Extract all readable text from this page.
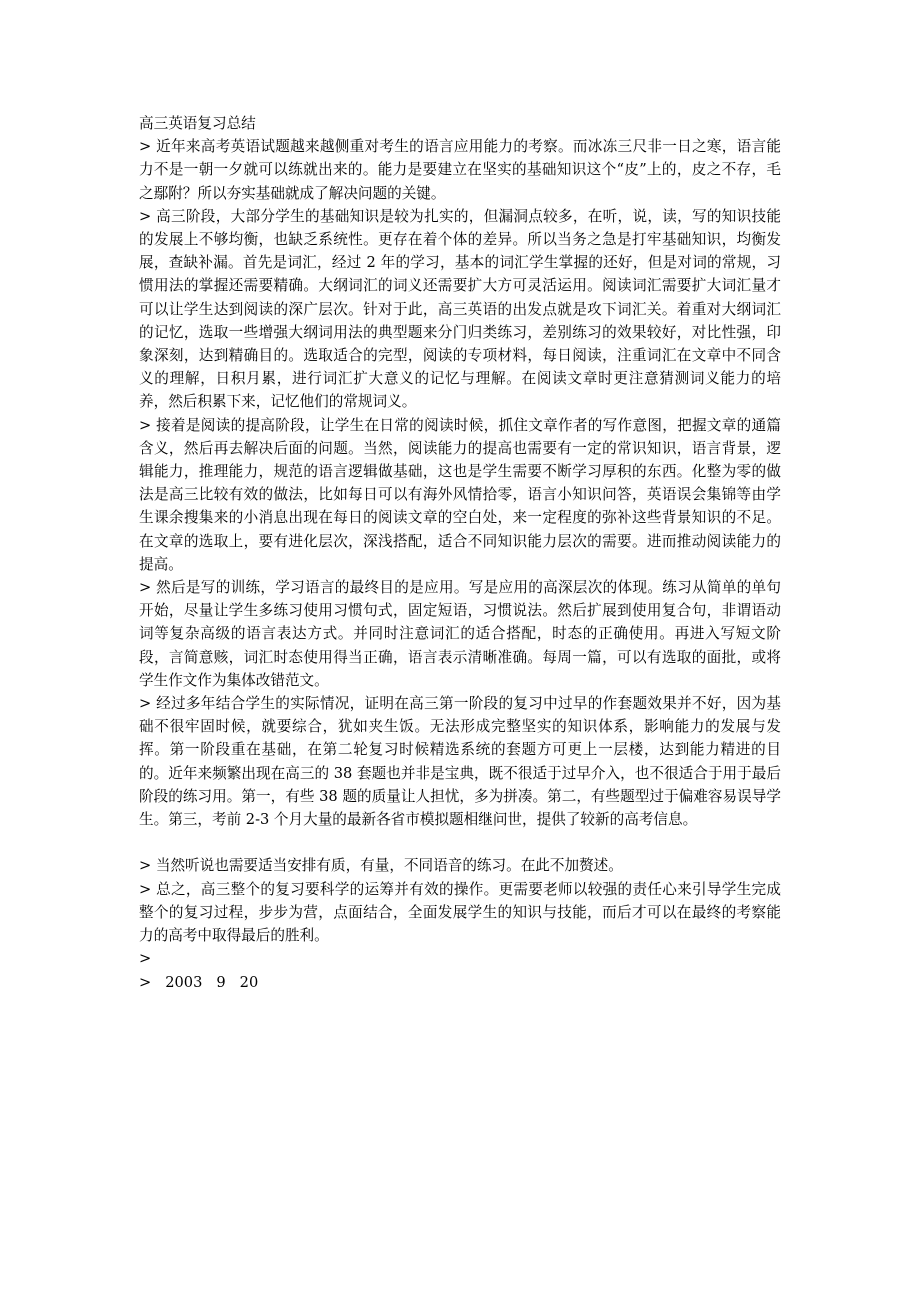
高三英语复习总结

> 近年来高考英语试题越来越侧重对考生的语言应用能力的考察。而冰冻三尺非一日之寒，语言能力不是一朝一夕就可以练就出来的。能力是要建立在坚实的基础知识这个“皮”上的，皮之不存，毛之鄢附？所以夯实基础就成了解决问题的关键。

> 高三阶段，大部分学生的基础知识是较为扎实的，但漏洞点较多，在听，说，读，写的知识技能的发展上不够均衡，也缺乏系统性。更存在着个体的差异。所以当务之急是打牢基础知识，均衡发展，查缺补漏。首先是词汇，经过 2 年的学习，基本的词汇学生掌握的还好，但是对词的常规，习惯用法的掌握还需要精确。大纲词汇的词义还需要扩大方可灵活运用。阅读词汇需要扩大词汇量才可以让学生达到阅读的深广层次。针对于此，高三英语的出发点就是攻下词汇关。着重对大纲词汇的记忆，选取一些增强大纲词用法的典型题来分门归类练习，差别练习的效果较好，对比性强，印象深刻，达到精确目的。选取适合的完型，阅读的专项材料，每日阅读，注重词汇在文章中不同含义的理解，日积月累，进行词汇扩大意义的记忆与理解。在阅读文章时更注意猜测词义能力的培养，然后积累下来，记忆他们的常规词义。

> 接着是阅读的提高阶段，让学生在日常的阅读时候，抓住文章作者的写作意图，把握文章的通篇含义，然后再去解决后面的问题。当然，阅读能力的提高也需要有一定的常识知识，语言背景，逻辑能力，推理能力，规范的语言逻辑做基础，这也是学生需要不断学习厚积的东西。化整为零的做法是高三比较有效的做法，比如每日可以有海外风情拾零，语言小知识问答，英语误会集锦等由学生课余搜集来的小消息出现在每日的阅读文章的空白处，来一定程度的弥补这些背景知识的不足。在文章的选取上，要有进化层次，深浅搭配，适合不同知识能力层次的需要。进而推动阅读能力的提高。

> 然后是写的训练，学习语言的最终目的是应用。写是应用的高深层次的体现。练习从简单的单句开始，尽量让学生多练习使用习惯句式，固定短语，习惯说法。然后扩展到使用复合句，非谓语动词等复杂高级的语言表达方式。并同时注意词汇的适合搭配，时态的正确使用。再进入写短文阶段，言简意赅，词汇时态使用得当正确，语言表示清晰准确。每周一篇，可以有选取的面批，或将学生作文作为集体改错范文。

> 经过多年结合学生的实际情况，证明在高三第一阶段的复习中过早的作套题效果并不好，因为基础不很牢固时候，就要综合，犹如夹生饭。无法形成完整坚实的知识体系，影响能力的发展与发挥。第一阶段重在基础，在第二轮复习时候精选系统的套题方可更上一层楼，达到能力精进的目的。近年来频繁出现在高三的 38 套题也并非是宝典，既不很适于过早介入，也不很适合于用于最后阶段的练习用。第一，有些 38 题的质量让人担忧，多为拼凑。第二，有些题型过于偏难容易误导学生。第三，考前 2-3 个月大量的最新各省市模拟题相继问世，提供了较新的高考信息。

> 当然听说也需要适当安排有质，有量，不同语音的练习。在此不加赘述。

> 总之，高三整个的复习要科学的运筹并有效的操作。更需要老师以较强的责任心来引导学生完成整个的复习过程，步步为营，点面结合，全面发展学生的知识与技能，而后才可以在最终的考察能力的高考中取得最后的胜利。

>

> 2003 9 20
